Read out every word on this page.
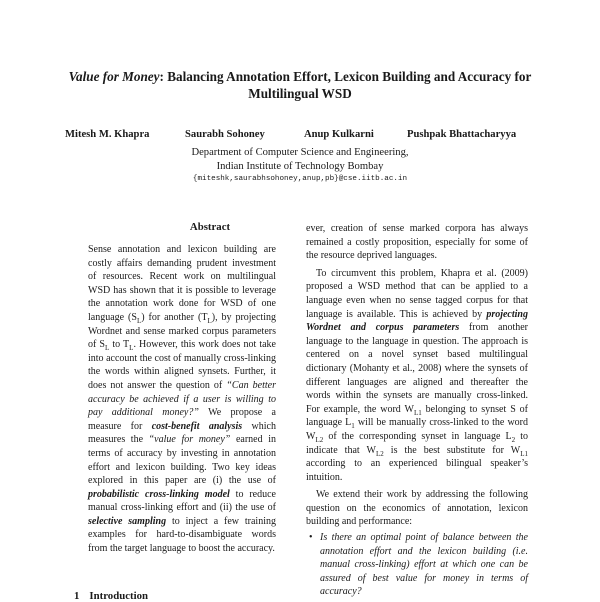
Value for Money: Balancing Annotation Effort, Lexicon Building and Accuracy for Multilingual WSD
Mitesh M. Khapra	Saurabh Sohoney	Anup Kulkarni	Pushpak Bhattacharyya
Department of Computer Science and Engineering,
Indian Institute of Technology Bombay
{miteshk,saurabhsohoney,anup,pb}@cse.iitb.ac.in
Abstract

Sense annotation and lexicon building are costly affairs demanding prudent investment of resources. Recent work on multilingual WSD has shown that it is possible to leverage the annotation work done for WSD of one language $(S_L)$ for another $(T_L)$, by projecting Wordnet and sense marked corpus parameters of $S_L$ to $T_L$. However, this work does not take into account the cost of manually cross-linking the words within aligned synsets. Further, it does not answer the question of “Can better accuracy be achieved if a user is willing to pay additional money?” We propose a measure for cost-benefit analysis which measures the “value for money” earned in terms of accuracy by investing in annotation effort and lexicon building. Two key ideas explored in this paper are (i) the use of probabilistic cross-linking model to reduce manual cross-linking effort and (ii) the use of selective sampling to inject a few training examples for hard-to-disambiguate words from the target language to boost the accuracy.

ever, creation of sense marked corpora has always remained a costly proposition, especially for some of the resource deprived languages.

To circumvent this problem, Khapra et al. (2009) proposed a WSD method that can be applied to a language even when no sense tagged corpus for that language is available. This is achieved by projecting Wordnet and corpus parameters from another language to the language in question. The approach is centered on a novel synset based multilingual dictionary (Mohanty et al., 2008) where the synsets of different languages are aligned and thereafter the words within the synsets are manually cross-linked. For example, the word $W_{L1}$ belonging to synset S of language $L_1$ will be manually cross-linked to the word $W_{L2}$ of the corresponding synset in language $L_2$ to indicate that $W_{L2}$ is the best substitute for $W_{L1}$ according to an experienced bilingual speaker’s intuition.

We extend their work by addressing the following question on the economics of annotation, lexicon building and performance:

• Is there an optimal point of balance between the annotation effort and the lexicon building (i.e. manual cross-linking) effort at which one can be assured of best value for money in terms of accuracy?

1 Introduction
